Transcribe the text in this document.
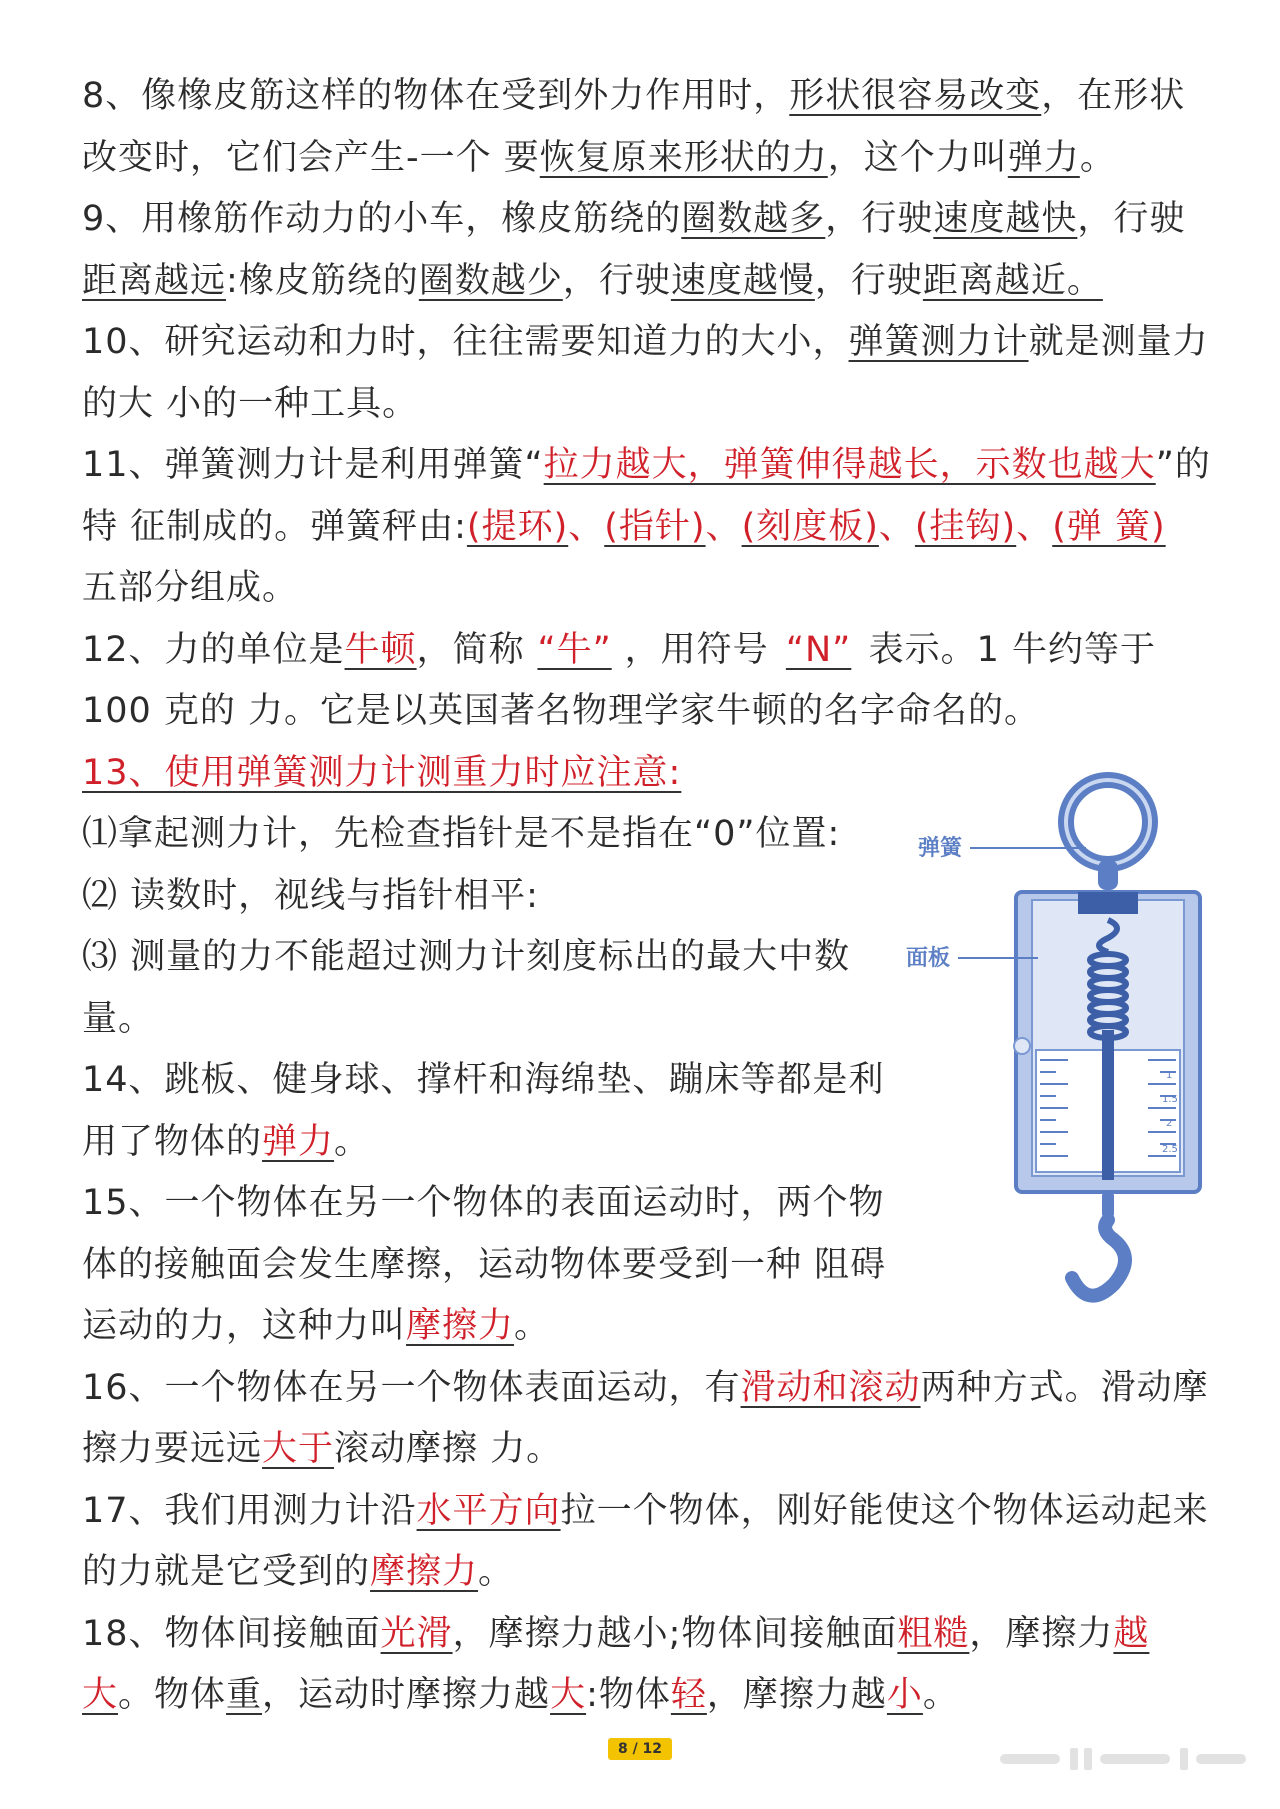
8、像橡皮筋这样的物体在受到外力作用时，形状很容易改变，在形状改变时，它们会产生-一个 要恢复原来形状的力，这个力叫弹力。

9、用橡筋作动力的小车，橡皮筋绕的圈数越多，行驶速度越快，行驶距离越远:橡皮筋绕的圈数越少，行驶速度越慢，行驶距离越近。

10、研究运动和力时，往往需要知道力的大小，弹簧测力计就是测量力的大 小的一种工具。

11、弹簧测力计是利用弹簧“拉力越大，弹簧伸得越长，示数也越大”的特 征制成的。弹簧秤由:(提环)、(指针)、(刻度板)、(挂钩)、(弹 簧)
五部分组成。

12、力的单位是牛顿，简称 “牛” ，用符号 “N” 表示。1 牛约等于 100 克的 力。它是以英国著名物理学家牛顿的名字命名的。

13、使用弹簧测力计测重力时应注意:

⑴拿起测力计，先检查指针是不是指在“0”位置:

⑵ 读数时，视线与指针相平:

⑶ 测量的力不能超过测力计刻度标出的最大中数量。

14、跳板、健身球、撑杆和海绵垫、蹦床等都是利用了物体的弹力。

15、一个物体在另一个物体的表面运动时，两个物体的接触面会发生摩擦，运动物体要受到一种 阻碍运动的力，这种力叫摩擦力。

16、一个物体在另一个物体表面运动，有滑动和滚动两种方式。滑动摩擦力要远远大于滚动摩擦 力。

17、我们用测力计沿水平方向拉一个物体，刚好能使这个物体运动起来的力就是它受到的摩擦力。

18、物体间接触面光滑，摩擦力越小;物体间接触面粗糙，摩擦力越大。物体重，运动时摩擦力越大:物体轻，摩擦力越小。

1
1.5
2
2.5
弹簧
面板
8 / 12
